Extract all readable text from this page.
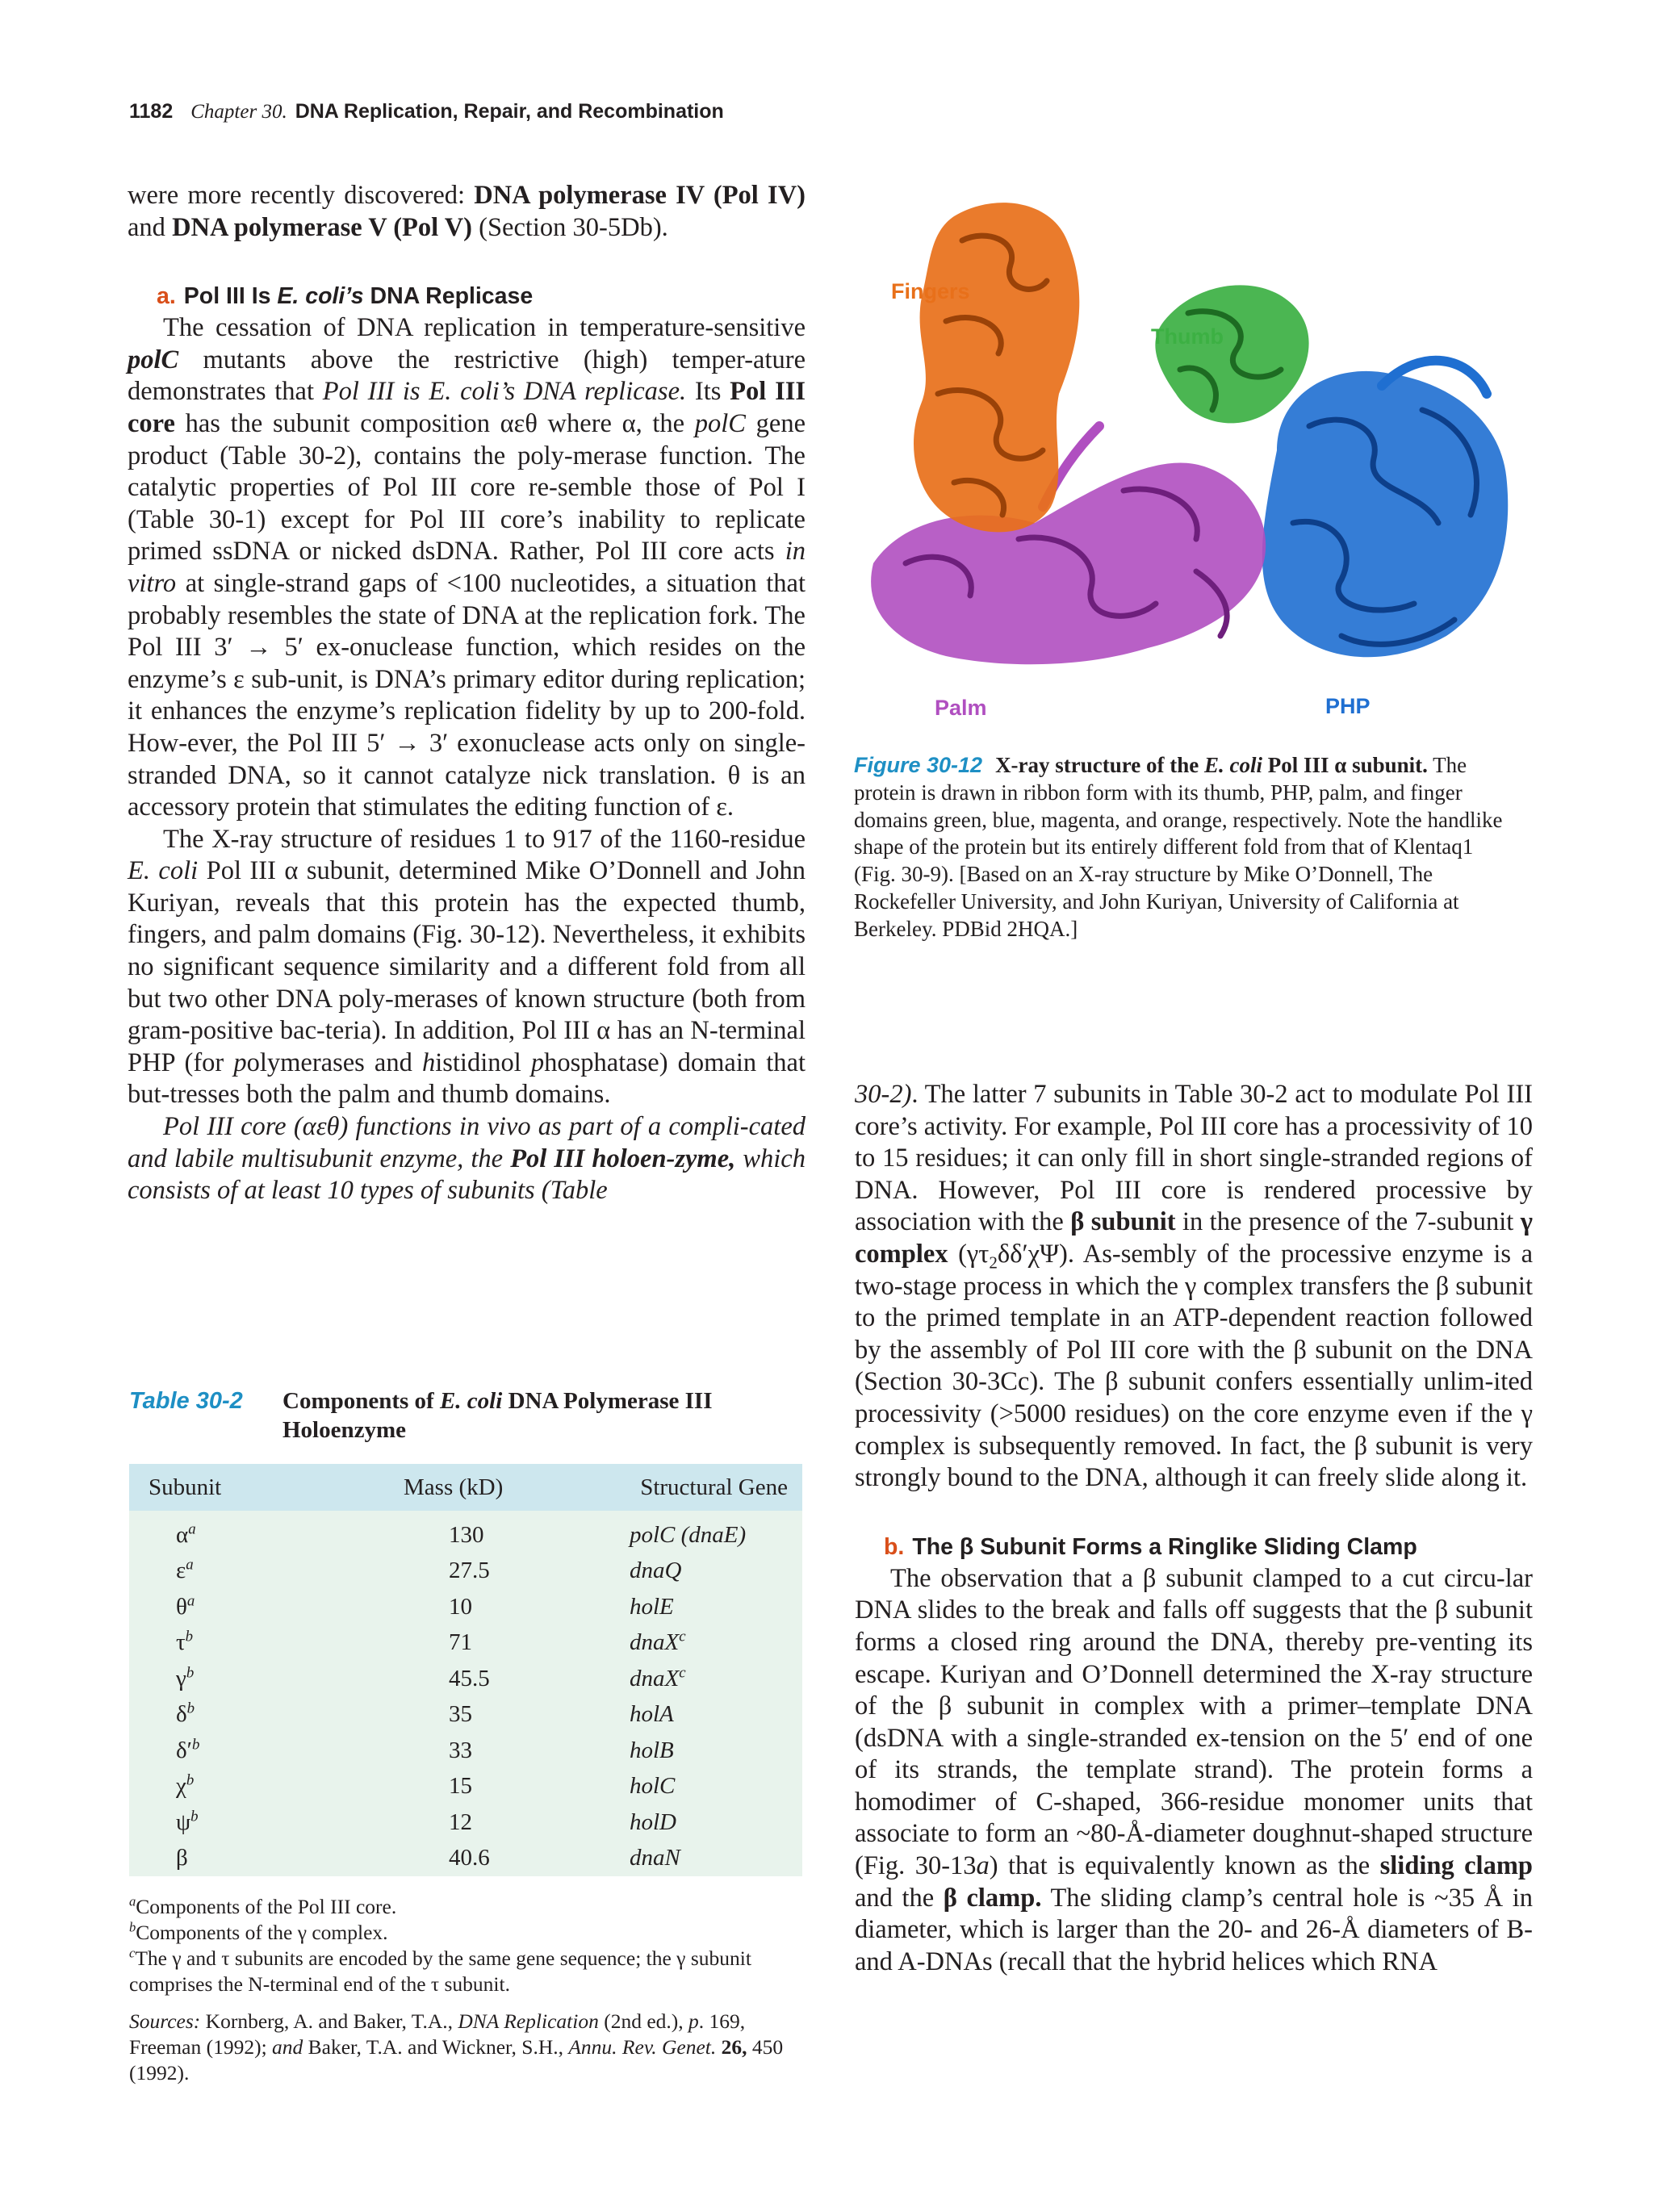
1182 Chapter 30. DNA Replication, Repair, and Recombination

were more recently discovered: DNA polymerase IV (Pol IV) and DNA polymerase V (Pol V) (Section 30-5Db).

a. Pol III Is E. coli’s DNA Replicase

The cessation of DNA replication in temperature-sensitive polC mutants above the restrictive (high) temper-ature demonstrates that Pol III is E. coli’s DNA replicase. Its Pol III core has the subunit composition αεθ where α, the polC gene product (Table 30-2), contains the poly-merase function. The catalytic properties of Pol III core re-semble those of Pol I (Table 30-1) except for Pol III core’s inability to replicate primed ssDNA or nicked dsDNA. Rather, Pol III core acts in vitro at single-strand gaps of <100 nucleotides, a situation that probably resembles the state of DNA at the replication fork. The Pol III 3′ → 5′ ex-onuclease function, which resides on the enzyme’s ε sub-unit, is DNA’s primary editor during replication; it enhances the enzyme’s replication fidelity by up to 200-fold. How-ever, the Pol III 5′ → 3′ exonuclease acts only on single-stranded DNA, so it cannot catalyze nick translation. θ is an accessory protein that stimulates the editing function of ε.

The X-ray structure of residues 1 to 917 of the 1160-residue E. coli Pol III α subunit, determined Mike O’Donnell and John Kuriyan, reveals that this protein has the expected thumb, fingers, and palm domains (Fig. 30-12). Nevertheless, it exhibits no significant sequence similarity and a different fold from all but two other DNA poly-merases of known structure (both from gram-positive bac-teria). In addition, Pol III α has an N-terminal PHP (for polymerases and histidinol phosphatase) domain that but-tresses both the palm and thumb domains.

Pol III core (αεθ) functions in vivo as part of a compli-cated and labile multisubunit enzyme, the Pol III holoen-zyme, which consists of at least 10 types of subunits (Table

Fingers
Thumb
Palm	PHP
Figure 30-12 X-ray structure of the E. coli Pol III α subunit. The protein is drawn in ribbon form with its thumb, PHP, palm, and finger domains green, blue, magenta, and orange, respectively. Note the handlike shape of the protein but its entirely different fold from that of Klentaq1 (Fig. 30-9). [Based on an X-ray structure by Mike O’Donnell, The Rockefeller University, and John Kuriyan, University of California at Berkeley. PDBid 2HQA.]

30-2). The latter 7 subunits in Table 30-2 act to modulate Pol III core’s activity. For example, Pol III core has a processivity of 10 to 15 residues; it can only fill in short single-stranded regions of DNA. However, Pol III core is rendered processive by association with the β subunit in the presence of the 7-subunit γ complex $(\gamma\tau_2\delta\delta'\chi\Psi)$. As-sembly of the processive enzyme is a two-stage process in which the γ complex transfers the β subunit to the primed template in an ATP-dependent reaction followed by the assembly of Pol III core with the β subunit on the DNA (Section 30-3Cc). The β subunit confers essentially unlim-ited processivity (>5000 residues) on the core enzyme even if the γ complex is subsequently removed. In fact, the β subunit is very strongly bound to the DNA, although it can freely slide along it.

b. The β Subunit Forms a Ringlike Sliding Clamp

The observation that a β subunit clamped to a cut circu-lar DNA slides to the break and falls off suggests that the β subunit forms a closed ring around the DNA, thereby pre-venting its escape. Kuriyan and O’Donnell determined the X-ray structure of the β subunit in complex with a primer–template DNA (dsDNA with a single-stranded ex-tension on the 5′ end of one of its strands, the template strand). The protein forms a homodimer of C-shaped, 366-residue monomer units that associate to form an ~80-Å-diameter doughnut-shaped structure (Fig. 30-13a) that is equivalently known as the sliding clamp and the β clamp. The sliding clamp’s central hole is ~35 Å in diameter, which is larger than the 20- and 26-Å diameters of B- and A-DNAs (recall that the hybrid helices which RNA

Table 30-2	Components of E. coli DNA Polymerase III Holoenzyme
Subunit	Mass (kD)	Structural Gene
$\alpha^a$	130	polC (dnaE)
$\varepsilon^a$	27.5	dnaQ
$\theta^a$	10	holE
$\tau^b$	71	dnaX$^c$
$\gamma^b$	45.5	dnaX$^c$
$\delta^b$	35	holA
$\delta'^b$	33	holB
$\chi^b$	15	holC
$\psi^b$	12	holD
β	40.6	dnaN
$^a$Components of the Pol III core.
$^b$Components of the γ complex.
$^c$The γ and τ subunits are encoded by the same gene sequence; the γ subunit comprises the N-terminal end of the τ subunit.
Sources: Kornberg, A. and Baker, T.A., DNA Replication (2nd ed.), p. 169, Freeman (1992); and Baker, T.A. and Wickner, S.H., Annu. Rev. Genet. 26, 450 (1992).
